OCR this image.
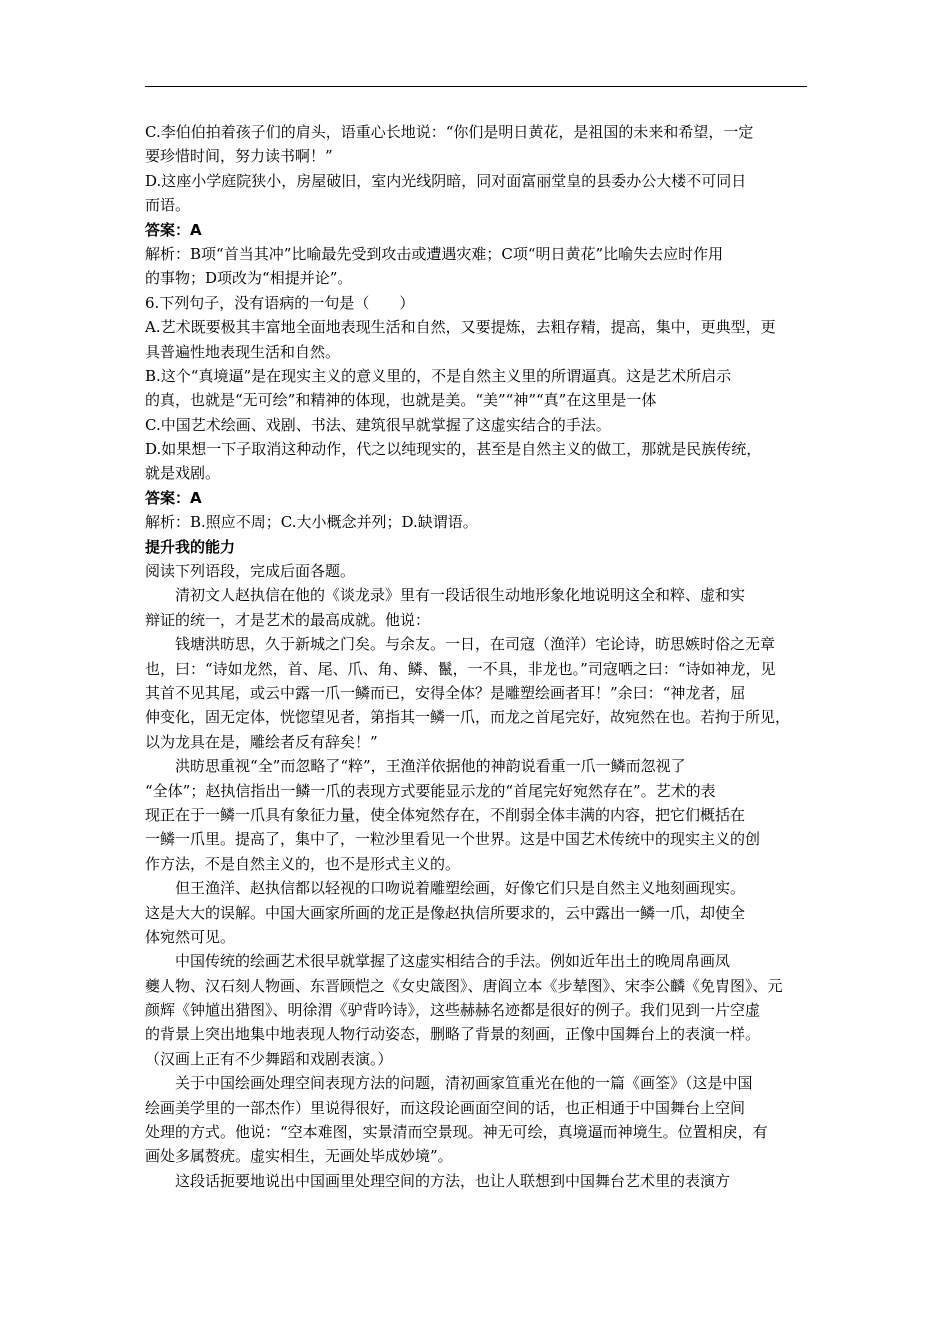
C.李伯伯拍着孩子们的肩头，语重心长地说：“你们是明日黄花，是祖国的未来和希望，一定
要珍惜时间，努力读书啊！”
D.这座小学庭院狭小，房屋破旧，室内光线阴暗，同对面富丽堂皇的县委办公大楼不可同日
而语。
答案：A
解析：B项“首当其冲”比喻最先受到攻击或遭遇灾难；C项“明日黄花”比喻失去应时作用
的事物；D项改为“相提并论”。
6.下列句子，没有语病的一句是（　　）
A.艺术既要极其丰富地全面地表现生活和自然，又要提炼，去粗存精，提高，集中，更典型，更
具普遍性地表现生活和自然。
B.这个“真境逼”是在现实主义的意义里的，不是自然主义里的所谓逼真。这是艺术所启示
的真，也就是“无可绘”和精神的体现，也就是美。“美”“神”“真”在这里是一体
C.中国艺术绘画、戏剧、书法、建筑很早就掌握了这虚实结合的手法。
D.如果想一下子取消这种动作，代之以纯现实的，甚至是自然主义的做工，那就是民族传统，
就是戏剧。
答案：A
解析：B.照应不周；C.大小概念并列；D.缺谓语。
提升我的能力
阅读下列语段，完成后面各题。
清初文人赵执信在他的《谈龙录》里有一段话很生动地形象化地说明这全和粹、虚和实
辩证的统一，才是艺术的最高成就。他说：
钱塘洪昉思，久于新城之门矣。与余友。一日，在司寇（渔洋）宅论诗，昉思嫉时俗之无章
也，曰：“诗如龙然，首、尾、爪、角、鳞、鬣，一不具，非龙也。”司寇哂之曰：“诗如神龙，见
其首不见其尾，或云中露一爪一鳞而已，安得全体？是雕塑绘画者耳！”余曰：“神龙者，屈
伸变化，固无定体，恍惚望见者，第指其一鳞一爪，而龙之首尾完好，故宛然在也。若拘于所见，
以为龙具在是，雕绘者反有辞矣！”
洪昉思重视“全”而忽略了“粹”，王渔洋依据他的神韵说看重一爪一鳞而忽视了
“全体”；赵执信指出一鳞一爪的表现方式要能显示龙的“首尾完好宛然存在”。艺术的表
现正在于一鳞一爪具有象征力量，使全体宛然存在，不削弱全体丰满的内容，把它们概括在
一鳞一爪里。提高了，集中了，一粒沙里看见一个世界。这是中国艺术传统中的现实主义的创
作方法，不是自然主义的，也不是形式主义的。
但王渔洋、赵执信都以轻视的口吻说着雕塑绘画，好像它们只是自然主义地刻画现实。
这是大大的误解。中国大画家所画的龙正是像赵执信所要求的，云中露出一鳞一爪，却使全
体宛然可见。
中国传统的绘画艺术很早就掌握了这虚实相结合的手法。例如近年出土的晚周帛画凤
夔人物、汉石刻人物画、东晋顾恺之《女史箴图》、唐阎立本《步辇图》、宋李公麟《免胄图》、元
颜辉《钟馗出猎图》、明徐渭《驴背吟诗》，这些赫赫名迹都是很好的例子。我们见到一片空虚
的背景上突出地集中地表现人物行动姿态，删略了背景的刻画，正像中国舞台上的表演一样。
（汉画上正有不少舞蹈和戏剧表演。）
关于中国绘画处理空间表现方法的问题，清初画家笪重光在他的一篇《画筌》（这是中国
绘画美学里的一部杰作）里说得很好，而这段论画面空间的话，也正相通于中国舞台上空间
处理的方式。他说：“空本难图，实景清而空景现。神无可绘，真境逼而神境生。位置相戾，有
画处多属赘疣。虚实相生，无画处毕成妙境”。
这段话扼要地说出中国画里处理空间的方法，也让人联想到中国舞台艺术里的表演方
